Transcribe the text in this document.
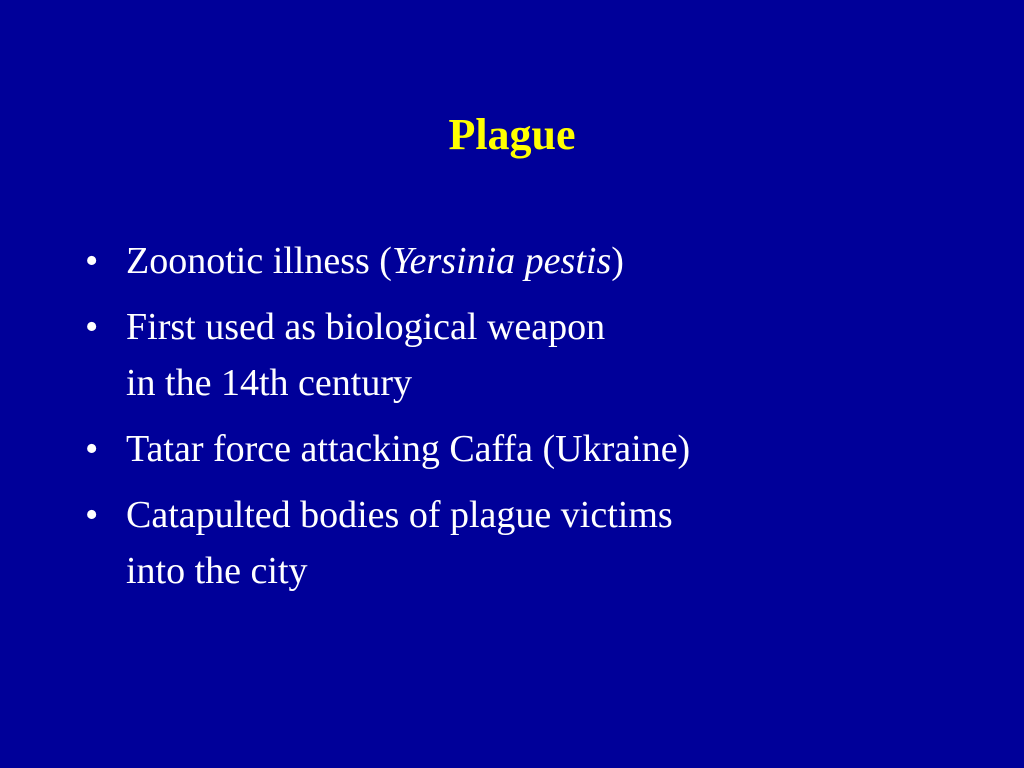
Plague
• Zoonotic illness (Yersinia pestis)
• First used as biological weapon
in the 14th century
• Tatar force attacking Caffa (Ukraine)
• Catapulted bodies of plague victims
into the city
